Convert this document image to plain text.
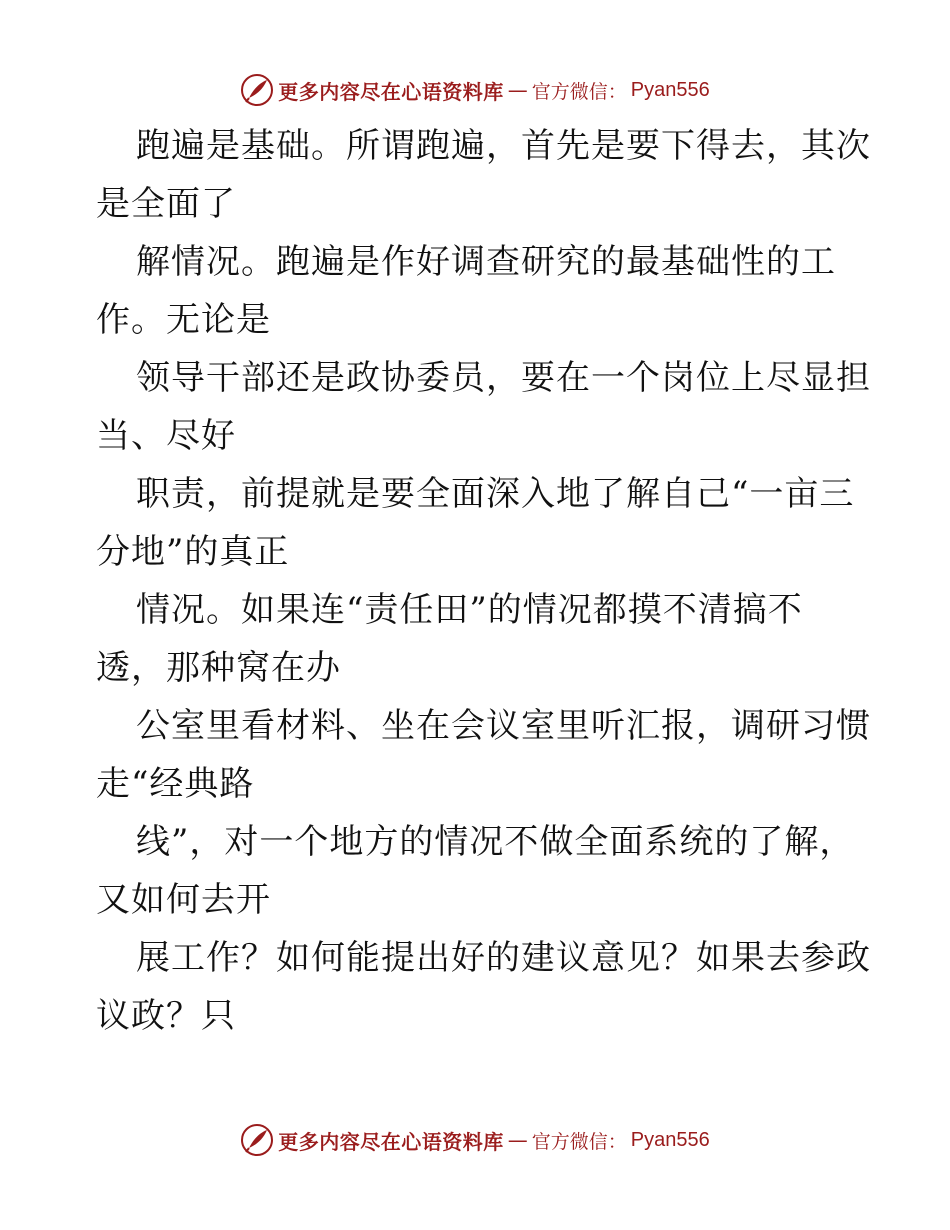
更多内容尽在心语资料库 — 官方微信： Pyan556
跑遍是基础。所谓跑遍，首先是要下得去，其次
是全面了
解情况。跑遍是作好调查研究的最基础性的工
作。无论是
领导干部还是政协委员，要在一个岗位上尽显担
当、尽好
职责，前提就是要全面深入地了解自己“一亩三
分地”的真正
情况。如果连“责任田”的情况都摸不清搞不
透，那种窝在办
公室里看材料、坐在会议室里听汇报，调研习惯
走“经典路
线”，对一个地方的情况不做全面系统的了解，
又如何去开
展工作？如何能提出好的建议意见？如果去参政
议政？只
更多内容尽在心语资料库 — 官方微信： Pyan556
